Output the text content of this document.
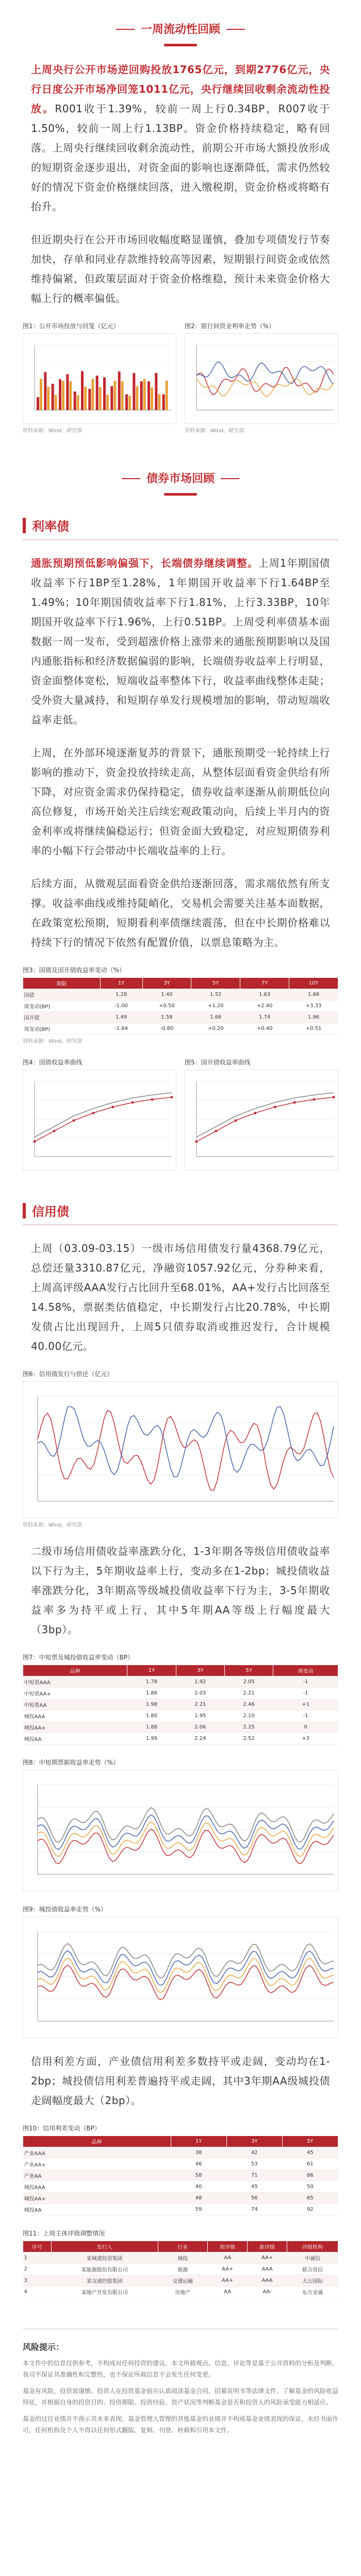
一周流动性回顾

上周央行公开市场逆回购投放1765亿元，到期2776亿元，央行日度公开市场净回笼1011亿元，央行继续回收剩余流动性投放。R001收于1.39%，较前一周上行0.34BP，R007收于1.50%，较前一周上行1.13BP。资金价格持续稳定，略有回落。上周央行继续回收剩余流动性，前期公开市场大额投放形成的短期资金逐步退出，对资金面的影响也逐渐降低，需求仍然较好的情况下资金价格继续回落，进入缴税期，资金价格或将略有抬升。

但近期央行在公开市场回收幅度略显谨慎，叠加专项债发行节奏加快，存单和同业存款维持较高等因素，短期银行间资金或依然维持偏紧，但政策层面对于资金价格维稳，预计未来资金价格大幅上行的概率偏低。

图1：公开市场投放与回笼（亿元）
资料来源：Wind，研究部
图2：银行间资金利率走势（%）
资料来源：Wind，研究部
债券市场回顾
利率债

通胀预期预低影响偏强下，长端债券继续调整。上周1年期国债收益率下行1BP至1.28%，1年期国开收益率下行1.64BP至1.49%；10年期国债收益率下行1.81%，上行3.33BP，10年期国开收益率下行1.96%，上行0.51BP。上周受利率债基本面数据一周一发布，受到超涨价格上涨带来的通胀预期影响以及国内通胀指标和经济数据偏弱的影响，长端债券收益率上行明显，资金面整体宽松，短端收益率整体下行，收益率曲线整体走陡；受外资大量减持，和短期存单发行规模增加的影响，带动短端收益率走低。

上周，在外部环境逐渐复苏的背景下，通胀预期受一轮持续上行影响的推动下，资金投放持续走高，从整体层面看资金供给有所下降，对应资金需求仍保持稳定，债券收益率逐渐从前期低位向高位修复，市场开始关注后续宏观政策动向，后续上半月内的资金利率或将继续偏稳运行；但资金面大致稳定，对应短期债券利率的小幅下行会带动中长端收益率的上行。

后续方面，从微观层面看资金供给逐渐回落，需求端依然有所支撑。收益率曲线或维持陡峭化，交易机会需要关注基本面数据，在政策宽松预期，短期看利率债继续震荡，但在中长期价格难以持续下行的情况下依然有配置价值，以票息策略为主。

图3：国债及国开债收益率变动（%）
期限	1Y	3Y	5Y	7Y	10Y
国债	1.28	1.40	1.52	1.63	1.68
周变动(BP)	-1.00	+0.50	+1.20	+2.40	+3.33
国开债	1.49	1.58	1.66	1.74	1.96
周变动(BP)	-1.64	-0.80	+0.20	+0.40	+0.51
资料来源：Wind，研究部
图4：国债收益率曲线	图5：国开债收益率曲线
信用债

上周（03.09-03.15）一级市场信用债发行量4368.79亿元，总偿还量3310.87亿元，净融资1057.92亿元，分券种来看，上周高评级AAA发行占比回升至68.01%，AA+发行占比回落至14.58%，票据类估值稳定，中长期发行占比20.78%，中长期发债占比出现回升，上周5只债券取消或推迟发行，合计规模40.00亿元。

图6：信用债发行与偿还（亿元）
资料来源：Wind，研究部

二级市场信用债收益率涨跌分化，1-3年期各等级信用债收益率以下行为主，5年期收益率上行，变动多在1-2bp；城投债收益率涨跌分化，3年期高等级城投债收益率下行为主，3-5年期收益率多为持平或上行，其中5年期AA等级上行幅度最大（3bp）。

图7：中短票及城投债收益率变动（BP）
品种	1Y	3Y	5Y	周变动
中短票AAA	1.78	1.92	2.05	-1
中短票AA+	1.86	2.03	2.21	-1
中短票AA	1.98	2.21	2.46	+1
城投AAA	1.80	1.95	2.10	-1
城投AA+	1.88	2.06	2.25	0
城投AA	1.99	2.24	2.52	+3
图8：中短期票据收益率走势（%）
图9：城投债收益率走势（%）

信用利差方面，产业债信用利差多数持平或走阔，变动均在1-2bp；城投债信用利差普遍持平或走阔，其中3年期AA级城投债走阔幅度最大（2bp）。

图10：信用利差变动（BP）
品种	1Y	3Y	5Y
产业AAA	38	42	45
产业AA+	46	53	61
产业AA	58	71	86
城投AAA	40	45	50
城投AA+	48	56	65
城投AA	59	74	92
图11：上周主体评级调整情况
序号	发行人	行业	原评级	新评级	评级机构
1	某城建投资集团	城投	AA	AA+	中诚信
2	某能源股份有限公司	能源	AA+	AAA	联合资信
3	某交通控股集团	交通运输	AA+	AAA	大公国际
4	某地产开发有限公司	房地产	AA	AA-	东方金诚
风险提示：

本文件中的信息仅供参考，不构成对任何投资的建议。本文所载观点、信息、评论等是基于公开资料的分析及判断，我司不保证其准确性和完整性，也不保证所载信息不会发生任何变更。

基金有风险，投资需谨慎。投资人在投资基金前应认真阅读基金合同、招募说明书等法律文件，了解基金的风险收益特征，并根据自身的投资目的、投资期限、投资经验、资产状况等判断基金是否和投资人的风险承受能力相适应。

基金的过往业绩并不预示其未来表现，基金管理人管理的其他基金的业绩并不构成基金业绩表现的保证。未经书面许可，任何机构及个人不得以任何形式翻版、复制、刊登、转载和引用本文件。
